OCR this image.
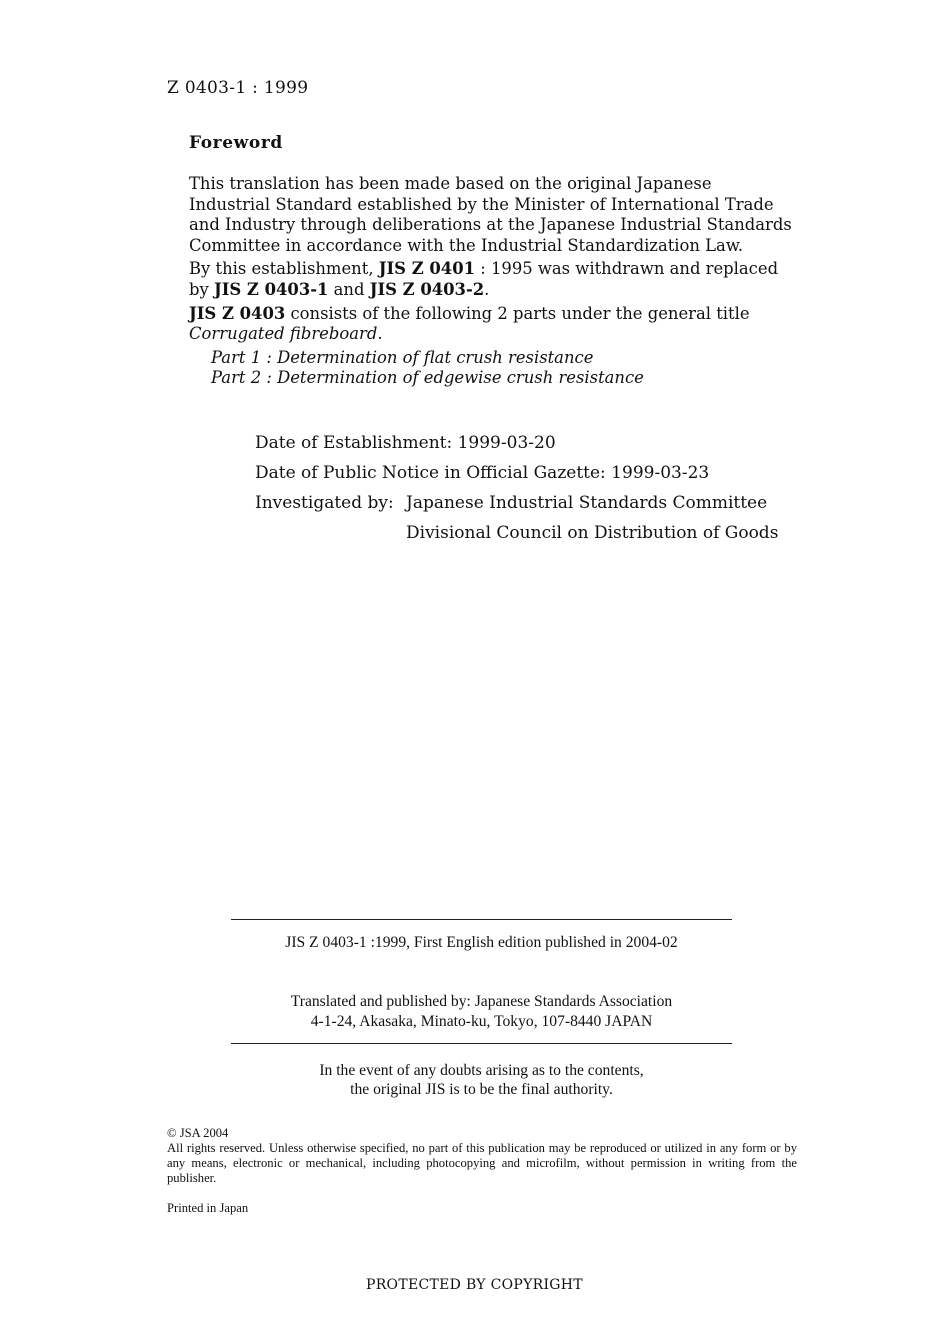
Z 0403-1 : 1999
Foreword

This translation has been made based on the original Japanese Industrial Standard established by the Minister of International Trade and Industry through deliberations at the Japanese Industrial Standards Committee in accordance with the Industrial Standardization Law.

By this establishment, JIS Z 0401 : 1995 was withdrawn and replaced by JIS Z 0403-1 and JIS Z 0403-2.

JIS Z 0403 consists of the following 2 parts under the general title Corrugated fibreboard.

Part 1 : Determination of flat crush resistance
Part 2 : Determination of edgewise crush resistance
Date of Establishment: 1999-03-20
Date of Public Notice in Official Gazette: 1999-03-23
Investigated by: Japanese Industrial Standards Committee
Divisional Council on Distribution of Goods
JIS Z 0403-1 :1999, First English edition published in 2004-02
Translated and published by: Japanese Standards Association
4-1-24, Akasaka, Minato-ku, Tokyo, 107-8440 JAPAN
In the event of any doubts arising as to the contents,
the original JIS is to be the final authority.

© JSA 2004

All rights reserved. Unless otherwise specified, no part of this publication may be reproduced or utilized in any form or by any means, electronic or mechanical, including photocopying and microfilm, without permission in writing from the publisher.

Printed in Japan
PROTECTED BY COPYRIGHT
